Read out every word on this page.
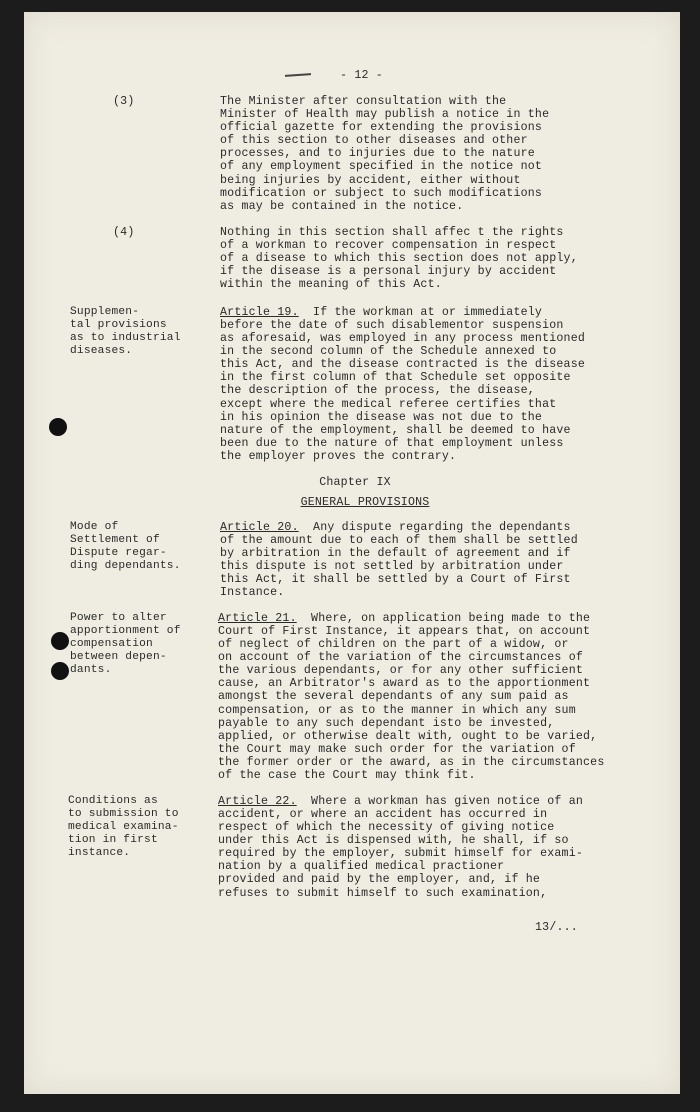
- 12 -
(3)	The Minister after consultation with the
Minister of Health may publish a notice in the
official gazette for extending the provisions
of this section to other diseases and other
processes, and to injuries due to the nature
of any employment specified in the notice not
being injuries by accident, either without
modification or subject to such modifications
as may be contained in the notice.
(4)	Nothing in this section shall affec t the rights
of a workman to recover compensation in respect
of a disease to which this section does not apply,
if the disease is a personal injury by accident
within the meaning of this Act.
Supplemen-
tal provisions
as to industrial
diseases.
Article 19.  If the workman at or immediately
before the date of such disablementor suspension
as aforesaid, was employed in any process mentioned
in the second column of the Schedule annexed to
this Act, and the disease contracted is the disease
in the first column of that Schedule set opposite
the description of the process, the disease,
except where the medical referee certifies that
in his opinion the disease was not due to the
nature of the employment, shall be deemed to have
been due to the nature of that employment unless
the employer proves the contrary.
Chapter IX
GENERAL PROVISIONS
Mode of
Settlement of
Dispute regar-
ding dependants.
Article 20.  Any dispute regarding the dependants
of the amount due to each of them shall be settled
by arbitration in the default of agreement and if
this dispute is not settled by arbitration under
this Act, it shall be settled by a Court of First
Instance.
Power to alter
apportionment of
compensation
between depen-
dants.
Article 21.  Where, on application being made to the
Court of First Instance, it appears that, on account
of neglect of children on the part of a widow, or
on account of the variation of the circumstances of
the various dependants, or for any other sufficient
cause, an Arbitrator's award as to the apportionment
amongst the several dependants of any sum paid as
compensation, or as to the manner in which any sum
payable to any such dependant isto be invested,
applied, or otherwise dealt with, ought to be varied,
the Court may make such order for the variation of
the former order or the award, as in the circumstances
of the case the Court may think fit.
Conditions as
to submission to
medical examina-
tion in first
instance.
Article 22.  Where a workman has given notice of an
accident, or where an accident has occurred in
respect of which the necessity of giving notice
under this Act is dispensed with, he shall, if so
required by the employer, submit himself for exami-
nation by a qualified medical practioner
provided and paid by the employer, and, if he
refuses to submit himself to such examination,
13/...
